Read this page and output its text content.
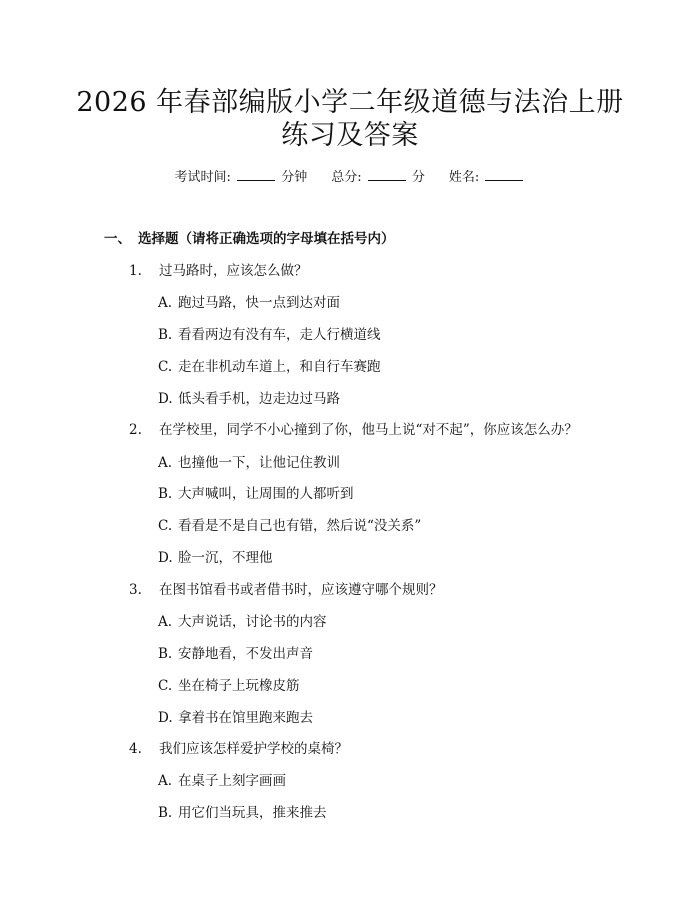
2026 年春部编版小学二年级道德与法治上册
练习及答案
考试时间:	分钟 总分:	分 姓名:
一、 选择题（请将正确选项的字母填在括号内）
1. 过马路时，应该怎么做？
A. 跑过马路，快一点到达对面
B. 看看两边有没有车，走人行横道线
C. 走在非机动车道上，和自行车赛跑
D. 低头看手机，边走边过马路
2. 在学校里，同学不小心撞到了你，他马上说“对不起”，你应该怎么办？
A. 也撞他一下，让他记住教训
B. 大声喊叫，让周围的人都听到
C. 看看是不是自己也有错，然后说“没关系”
D. 脸一沉，不理他
3. 在图书馆看书或者借书时，应该遵守哪个规则？
A. 大声说话，讨论书的内容
B. 安静地看，不发出声音
C. 坐在椅子上玩橡皮筋
D. 拿着书在馆里跑来跑去
4. 我们应该怎样爱护学校的桌椅？
A. 在桌子上刻字画画
B. 用它们当玩具，推来推去
